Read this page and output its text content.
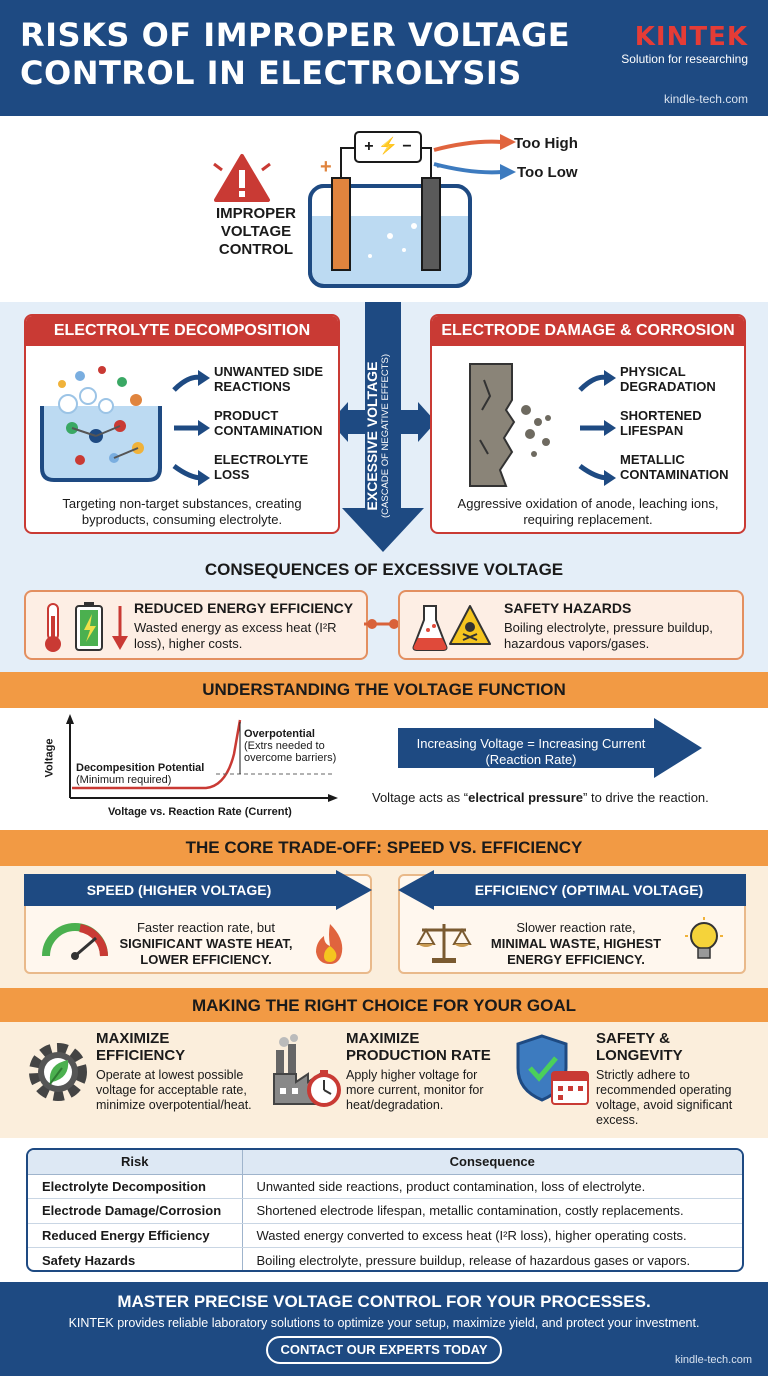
RISKS OF IMPROPER VOLTAGE CONTROL IN ELECTROLYSIS
KINTEK
Solution for researching
kindle-tech.com
IMPROPER VOLTAGE CONTROL
+ ⚡ −
+	−
Too High
Too Low
EXCESSIVE VOLTAGE (CASCADE OF NEGATIVE EFFECTS)
ELECTROLYTE DECOMPOSITION
UNWANTED SIDE REACTIONS
PRODUCT CONTAMINATION
ELECTROLYTE LOSS
Targeting non-target substances, creating byproducts, consuming electrolyte.
ELECTRODE DAMAGE & CORROSION
PHYSICAL DEGRADATION
SHORTENED LIFESPAN
METALLIC CONTAMINATION
Aggressive oxidation of anode, leaching ions, requiring replacement.
CONSEQUENCES OF EXCESSIVE VOLTAGE
REDUCED ENERGY EFFICIENCY
Wasted energy as excess heat (I²R loss), higher costs.
SAFETY HAZARDS
Boiling electrolyte, pressure buildup, hazardous vapors/gases.
UNDERSTANDING THE VOLTAGE FUNCTION
Voltage Decompesition Potential
(Minimum required)
Overpotential
(Extrs needed to overcome barriers)
Voltage vs. Reaction Rate (Current)
Increasing Voltage = Increasing Current (Reaction Rate)
Voltage acts as “electrical pressure” to drive the reaction.
THE CORE TRADE-OFF: SPEED VS. EFFICIENCY
Faster reaction rate, but
SIGNIFICANT WASTE HEAT, LOWER EFFICIENCY.
SPEED (HIGHER VOLTAGE)
Slower reaction rate,
MINIMAL WASTE, HIGHEST ENERGY EFFICIENCY.
EFFICIENCY (OPTIMAL VOLTAGE)
MAKING THE RIGHT CHOICE FOR YOUR GOAL
MAXIMIZE EFFICIENCY
Operate at lowest possible voltage for acceptable rate, minimize overpotential/heat.
MAXIMIZE PRODUCTION RATE
Apply higher voltage for more current, monitor for heat/degradation.
SAFETY & LONGEVITY
Strictly adhere to recommended operating voltage, avoid significant excess.
Risk	Consequence
Electrolyte Decomposition	Unwanted side reactions, product contamination, loss of electrolyte.
Electrode Damage/Corrosion	Shortened electrode lifespan, metallic contamination, costly replacements.
Reduced Energy Efficiency	Wasted energy converted to excess heat (I²R loss), higher operating costs.
Safety Hazards	Boiling electrolyte, pressure buildup, release of hazardous gases or vapors.
MASTER PRECISE VOLTAGE CONTROL FOR YOUR PROCESSES.
KINTEK provides reliable laboratory solutions to optimize your setup, maximize yield, and protect your investment.
CONTACT OUR EXPERTS TODAY
kindle-tech.com
